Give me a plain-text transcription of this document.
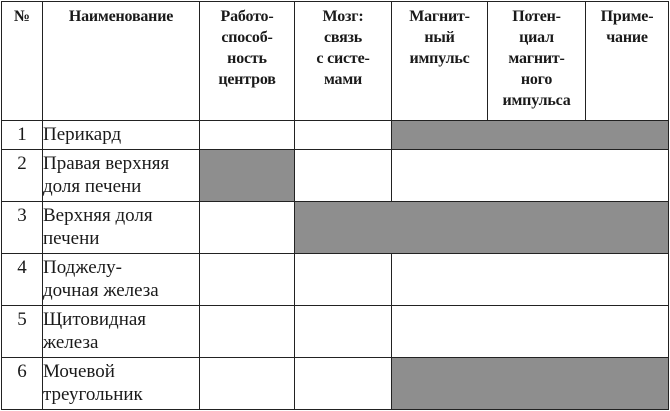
№	Наименование	Работо-
способ-
ность
центров	Мозг:
связь
с систе-
мами	Магнит-
ный
импульс	Потен-
циал
магнит-
ного
импульса	Приме-
чание

1	Перикард					

2	Правая верхняя
доля печени					

3	Верхняя доля
печени					

4	Поджелу-
дочная железа					

5	Щитовидная
железа					

6	Мочевой
треугольник					
